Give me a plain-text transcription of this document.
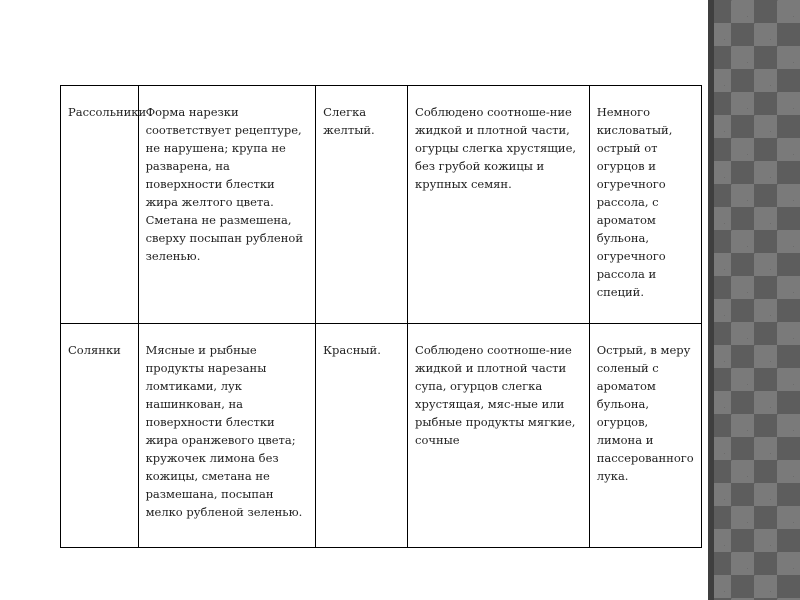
Рассольники	Форма нарезки соответствует рецептуре, не нарушена; крупа не разварена, на поверхности блестки жира желтого цвета. Сметана не размешена, сверху посыпан рубленой зеленью.	Слегка желтый.	Соблюдено соотноше-ние жидкой и плотной части, огурцы слегка хрустящие, без грубой кожицы и крупных семян.	Немного кисловатый, острый от огурцов и огуречного рассола, с ароматом бульона, огуречного рассола и специй.
Солянки	Мясные и рыбные продукты нарезаны ломтиками, лук нашинкован, на поверхности блестки жира оранжевого цвета; кружочек лимона без кожицы, сметана не размешана, посыпан мелко рубленой зеленью.	Красный.	Соблюдено соотноше-ние жидкой и плотной части супа, огурцов слегка хрустящая, мяс-ные или рыбные продукты мягкие, сочные	Острый, в меру соленый с ароматом бульона, огурцов, лимона и пассерованного лука.
